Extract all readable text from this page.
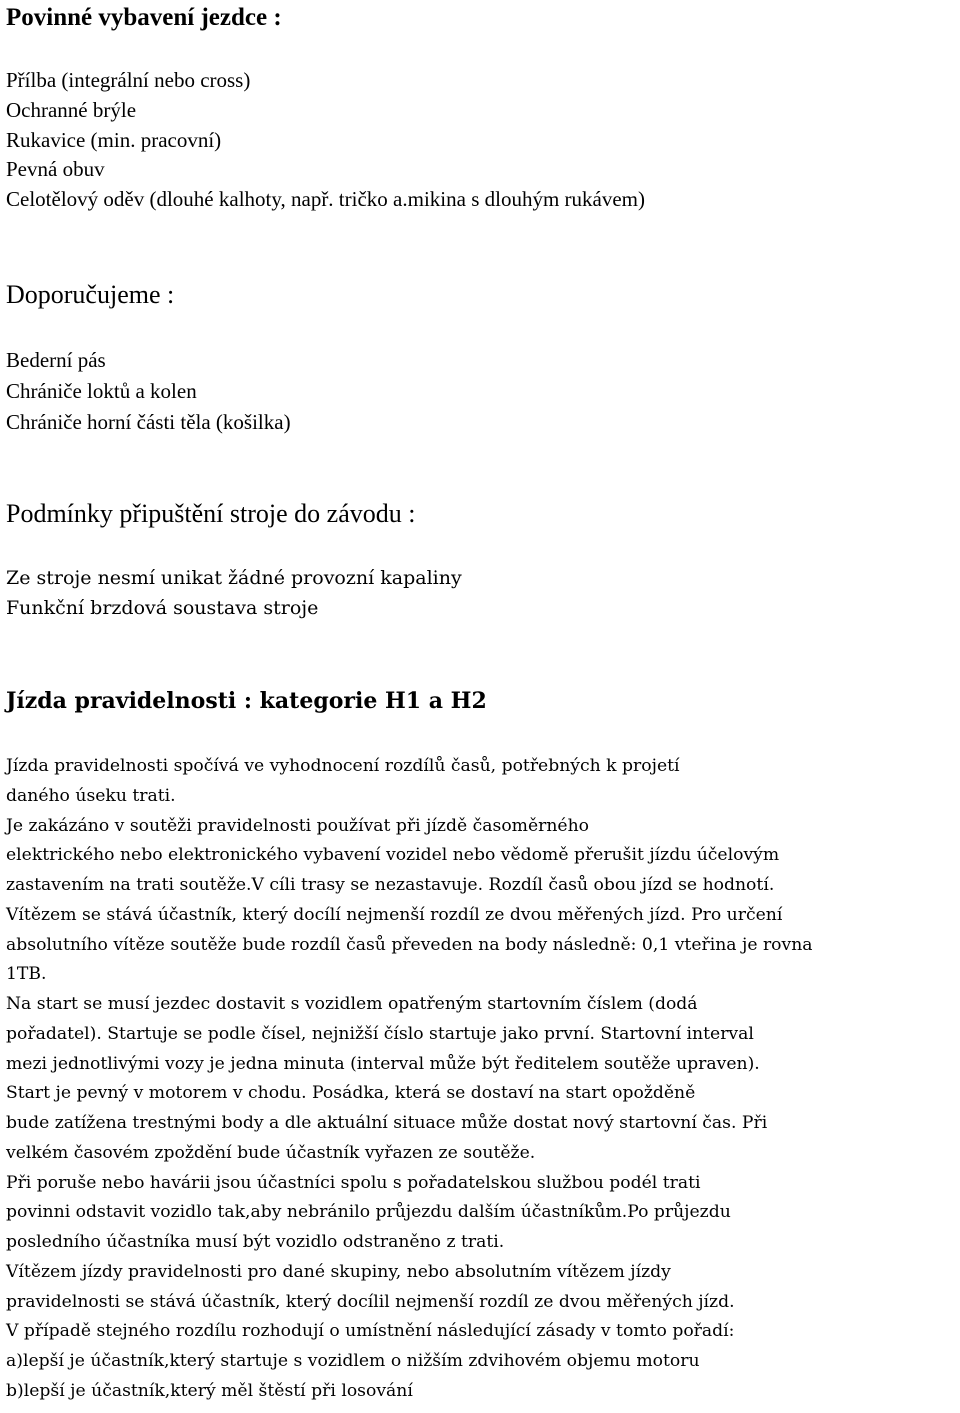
Povinné vybavení jezdce :
Přílba (integrální nebo cross)
Ochranné brýle
Rukavice (min. pracovní)
Pevná obuv
Celotělový oděv (dlouhé kalhoty, např. tričko a.mikina s dlouhým rukávem)
Doporučujeme :
Bederní pás
Chrániče loktů a kolen
Chrániče horní části těla (košilka)
Podmínky připuštění stroje do závodu :
Ze stroje nesmí unikat žádné provozní kapaliny
Funkční brzdová soustava stroje
Jízda pravidelnosti : kategorie H1 a H2
Jízda pravidelnosti spočívá ve vyhodnocení rozdílů časů, potřebných k projetí
daného úseku trati.
Je zakázáno v soutěži pravidelnosti používat při jízdě časoměrného
elektrického nebo elektronického vybavení vozidel nebo vědomě přerušit jízdu účelovým
zastavením na trati soutěže.V cíli trasy se nezastavuje. Rozdíl časů obou jízd se hodnotí.
Vítězem se stává účastník, který docílí nejmenší rozdíl ze dvou měřených jízd. Pro určení
absolutního vítěze soutěže bude rozdíl časů převeden na body následně: 0,1 vteřina je rovna
1TB.
Na start se musí jezdec dostavit s vozidlem opatřeným startovním číslem (dodá
pořadatel). Startuje se podle čísel, nejnižší číslo startuje jako první. Startovní interval
mezi jednotlivými vozy je jedna minuta (interval může být ředitelem soutěže upraven).
Start je pevný v motorem v chodu. Posádka, která se dostaví na start opožděně
bude zatížena trestnými body a dle aktuální situace může dostat nový startovní čas. Při
velkém časovém zpoždění bude účastník vyřazen ze soutěže.
Při poruše nebo havárii jsou účastníci spolu s pořadatelskou službou podél trati
povinni odstavit vozidlo tak,aby nebránilo průjezdu dalším účastníkům.Po průjezdu
posledního účastníka musí být vozidlo odstraněno z trati.
Vítězem jízdy pravidelnosti pro dané skupiny, nebo absolutním vítězem jízdy
pravidelnosti se stává účastník, který docílil nejmenší rozdíl ze dvou měřených jízd.
V případě stejného rozdílu rozhodují o umístnění následující zásady v tomto pořadí:
a)lepší je účastník,který startuje s vozidlem o nižším zdvihovém objemu motoru
b)lepší je účastník,který měl štěstí při losování
